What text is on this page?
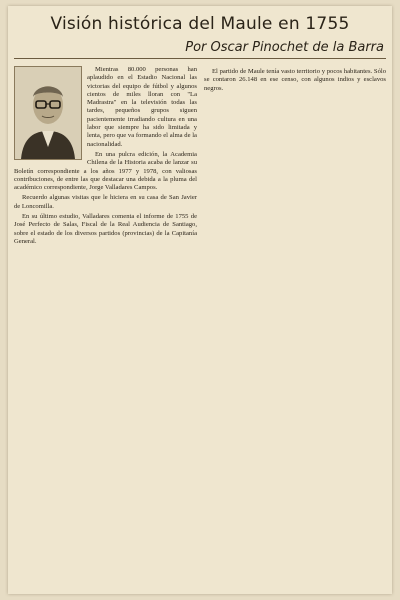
Visión histórica del Maule en 1755
Por Oscar Pinochet de la Barra

Mientras 80.000 personas han aplaudido en el Estadio Nacional las victorias del equipo de fútbol y algunos cientos de miles lloran con "La Madrastra" en la televisión todas las tardes, pequeños grupos siguen pacientemente irradiando cultura en una labor que siempre ha sido limitada y lenta, pero que va formando el alma de la nacionalidad.

En una pulcra edición, la Academia Chilena de la Historia acaba de lanzar su Boletín correspondiente a los años 1977 y 1978, con valiosas contribuciones, de entre las que destacar una debida a la pluma del académico correspondiente, Jorge Valladares Campos.

Recuerdo algunas visitas que le hiciera en su casa de San Javier de Loncomilla.

En su último estudio, Valladares comenta el informe de 1755 de José Perfecto de Salas, Fiscal de la Real Audiencia de Santiago, sobre el estado de los diversos partidos (provincias) de la Capitanía General.

El partido de Maule tenía vasto territorio y pocos habitantes. Sólo se contaron 26.148 en ese censo, con algunos indios y esclavos negros.
